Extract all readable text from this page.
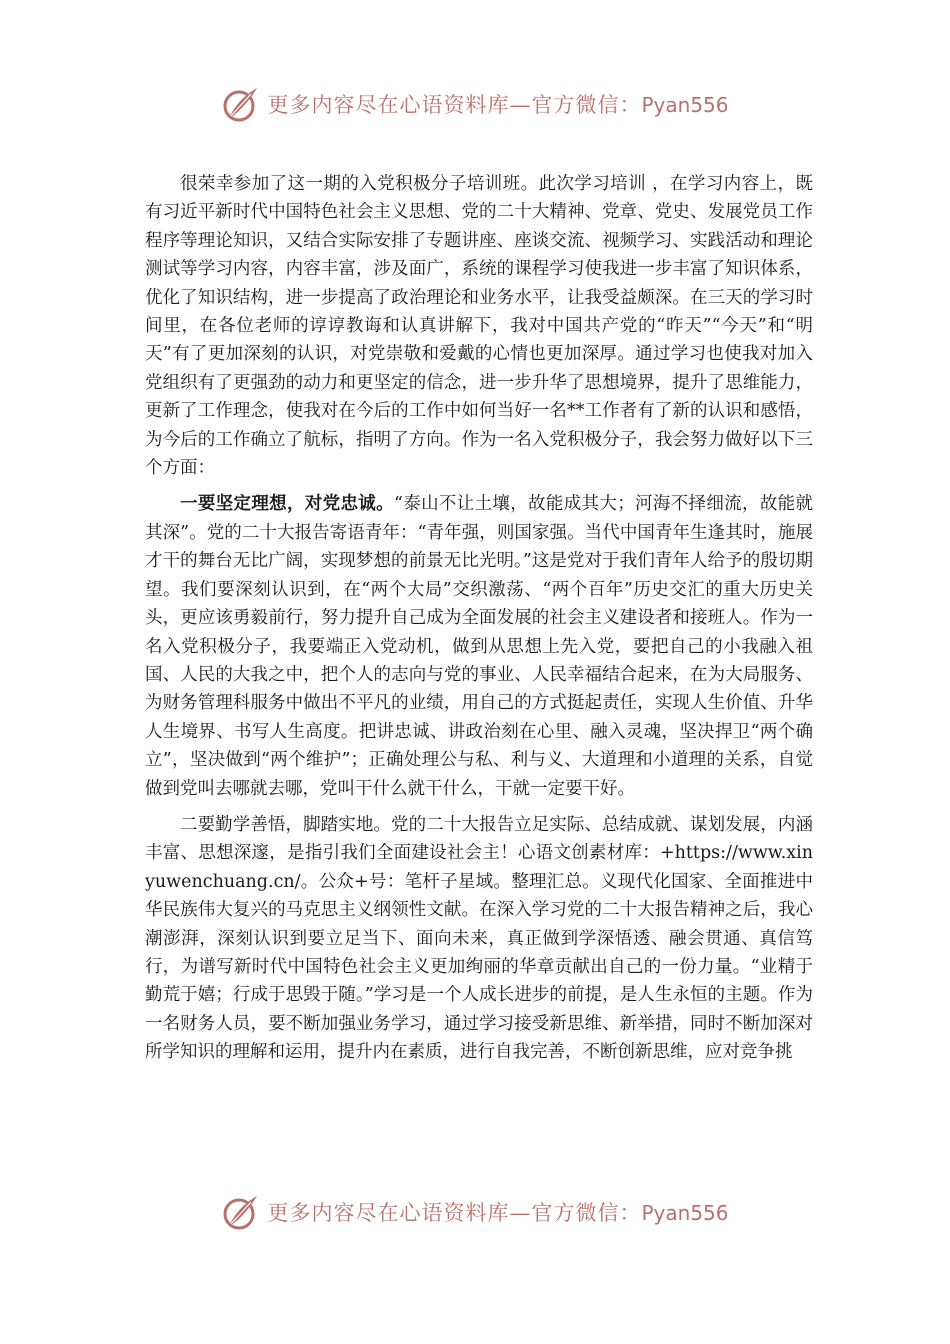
更多内容尽在心语资料库—官方微信：Pyan556

很荣幸参加了这一期的入党积极分子培训班。此次学习培训 ，在学习内容上，既有习近平新时代中国特色社会主义思想、党的二十大精神、党章、党史、发展党员工作程序等理论知识，又结合实际安排了专题讲座、座谈交流、视频学习、实践活动和理论测试等学习内容，内容丰富，涉及面广，系统的课程学习使我进一步丰富了知识体系，优化了知识结构，进一步提高了政治理论和业务水平，让我受益颇深。在三天的学习时间里，在各位老师的谆谆教诲和认真讲解下，我对中国共产党的“昨天”“今天”和“明天”有了更加深刻的认识，对党崇敬和爱戴的心情也更加深厚。通过学习也使我对加入党组织有了更强劲的动力和更坚定的信念，进一步升华了思想境界，提升了思维能力，更新了工作理念，使我对在今后的工作中如何当好一名**工作者有了新的认识和感悟，为今后的工作确立了航标，指明了方向。作为一名入党积极分子，我会努力做好以下三个方面：

一要坚定理想，对党忠诚。“泰山不让土壤，故能成其大；河海不择细流，故能就其深”。党的二十大报告寄语青年：“青年强，则国家强。当代中国青年生逢其时，施展才干的舞台无比广阔，实现梦想的前景无比光明。”这是党对于我们青年人给予的殷切期望。我们要深刻认识到，在“两个大局”交织激荡、“两个百年”历史交汇的重大历史关头，更应该勇毅前行，努力提升自己成为全面发展的社会主义建设者和接班人。作为一名入党积极分子，我要端正入党动机，做到从思想上先入党，要把自己的小我融入祖国、人民的大我之中，把个人的志向与党的事业、人民幸福结合起来，在为大局服务、为财务管理科服务中做出不平凡的业绩，用自己的方式挺起责任，实现人生价值、升华人生境界、书写人生高度。把讲忠诚、讲政治刻在心里、融入灵魂，坚决捍卫“两个确立”，坚决做到“两个维护”；正确处理公与私、利与义、大道理和小道理的关系，自觉做到党叫去哪就去哪，党叫干什么就干什么，干就一定要干好。

二要勤学善悟，脚踏实地。党的二十大报告立足实际、总结成就、谋划发展，内涵丰富、思想深邃，是指引我们全面建设社会主！心语文创素材库：+https://www.xinyuwenchuang.cn/。公众+号：笔杆子星域。整理汇总。义现代化国家、全面推进中华民族伟大复兴的马克思主义纲领性文献。在深入学习党的二十大报告精神之后，我心潮澎湃，深刻认识到要立足当下、面向未来，真正做到学深悟透、融会贯通、真信笃行，为谱写新时代中国特色社会主义更加绚丽的华章贡献出自己的一份力量。“业精于勤荒于嬉；行成于思毁于随。”学习是一个人成长进步的前提，是人生永恒的主题。作为一名财务人员，要不断加强业务学习，通过学习接受新思维、新举措，同时不断加深对所学知识的理解和运用，提升内在素质，进行自我完善，不断创新思维，应对竞争挑

更多内容尽在心语资料库—官方微信：Pyan556
